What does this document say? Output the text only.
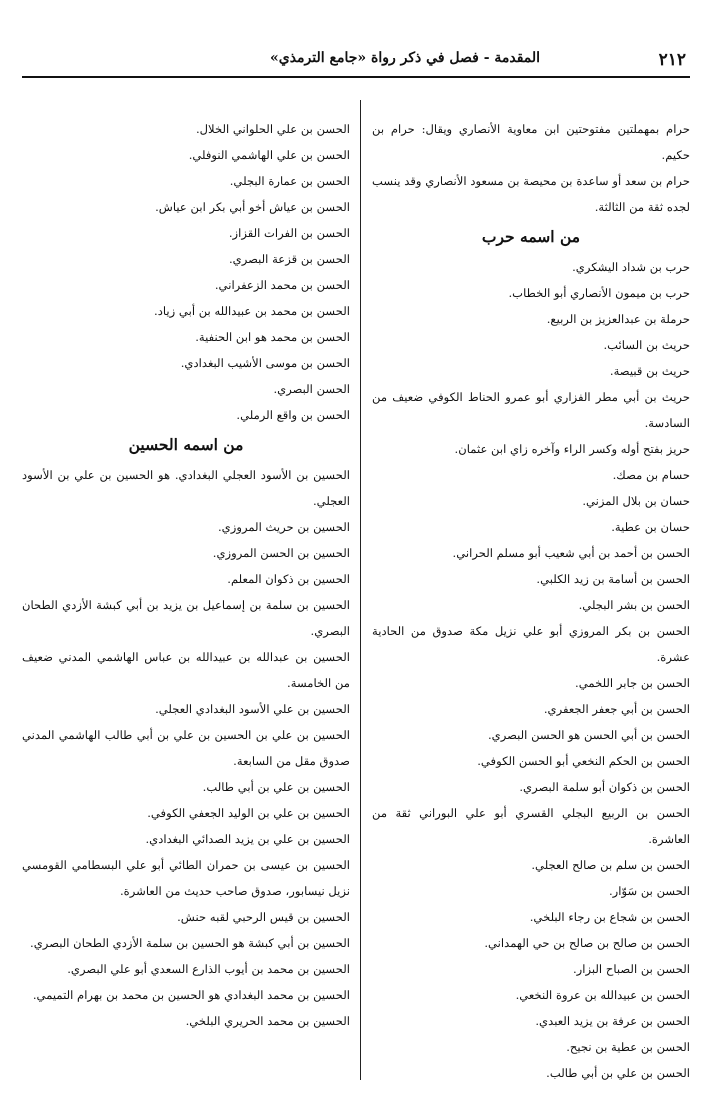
٢١٢
المقدمة - فصل في ذكر رواة «جامع الترمذي»

حرام بمهملتين مفتوحتين ابن معاوية الأنصاري ويقال: حرام بن حكيم.

حرام بن سعد أو ساعدة بن محيصة بن مسعود الأنصاري وقد ينسب لجده ثقة من الثالثة.

من اسمه حرب

حرب بن شداد اليشكري.

حرب بن ميمون الأنصاري أبو الخطاب.

حرملة بن عبدالعزيز بن الربيع.

حريث بن السائب.

حريث بن قبيصة.

حريث بن أبي مطر الفزاري أبو عمرو الحناط الكوفي ضعيف من السادسة.

حريز بفتح أوله وكسر الراء وآخره زاي ابن عثمان.

حسام بن مصك.

حسان بن بلال المزني.

حسان بن عطية.

الحسن بن أحمد بن أبي شعيب أبو مسلم الحراني.

الحسن بن أسامة بن زيد الكلبي.

الحسن بن بشر البجلي.

الحسن بن بكر المروزي أبو علي نزيل مكة صدوق من الحادية عشرة.

الحسن بن جابر اللخمي.

الحسن بن أبي جعفر الجعفري.

الحسن بن أبي الحسن هو الحسن البصري.

الحسن بن الحكم النخعي أبو الحسن الكوفي.

الحسن بن ذكوان أبو سلمة البصري.

الحسن بن الربيع البجلي القسري أبو علي البوراني ثقة من العاشرة.

الحسن بن سلم بن صالح العجلي.

الحسن بن سَوّار.

الحسن بن شجاع بن رجاء البلخي.

الحسن بن صالح بن صالح بن حي الهمداني.

الحسن بن الصباح البزار.

الحسن بن عبيدالله بن عروة النخعي.

الحسن بن عرفة بن يزيد العبدي.

الحسن بن عطية بن نجيح.

الحسن بن علي بن أبي طالب.

الحسن بن علي الحلواني الخلال.

الحسن بن علي الهاشمي النوفلي.

الحسن بن عمارة البجلي.

الحسن بن عياش أخو أبي بكر ابن عياش.

الحسن بن الفرات القزاز.

الحسن بن قزعة البصري.

الحسن بن محمد الزعفراني.

الحسن بن محمد بن عبيدالله بن أبي زياد.

الحسن بن محمد هو ابن الحنفية.

الحسن بن موسى الأشيب البغدادي.

الحسن البصري.

الحسن بن واقع الرملي.

من اسمه الحسين

الحسين بن الأسود العجلي البغدادي. هو الحسين بن علي بن الأسود العجلي.

الحسين بن حريث المروزي.

الحسين بن الحسن المروزي.

الحسين بن ذكوان المعلم.

الحسين بن سلمة بن إسماعيل بن يزيد بن أبي كبشة الأزدي الطحان البصري.

الحسين بن عبدالله بن عبيدالله بن عباس الهاشمي المدني ضعيف من الخامسة.

الحسين بن علي الأسود البغدادي العجلي.

الحسين بن علي بن الحسين بن علي بن أبي طالب الهاشمي المدني صدوق مقل من السابعة.

الحسين بن علي بن أبي طالب.

الحسين بن علي بن الوليد الجعفي الكوفي.

الحسين بن علي بن يزيد الصدائي البغدادي.

الحسين بن عيسى بن حمران الطائي أبو علي البسطامي القومسي نزيل نيسابور، صدوق صاحب حديث من العاشرة.

الحسين بن قيس الرحبي لقبه حنش.

الحسين بن أبي كبشة هو الحسين بن سلمة الأزدي الطحان البصري.

الحسين بن محمد بن أيوب الذارع السعدي أبو علي البصري.

الحسين بن محمد البغدادي هو الحسين بن محمد بن بهرام التميمي.

الحسين بن محمد الحريري البلخي.
